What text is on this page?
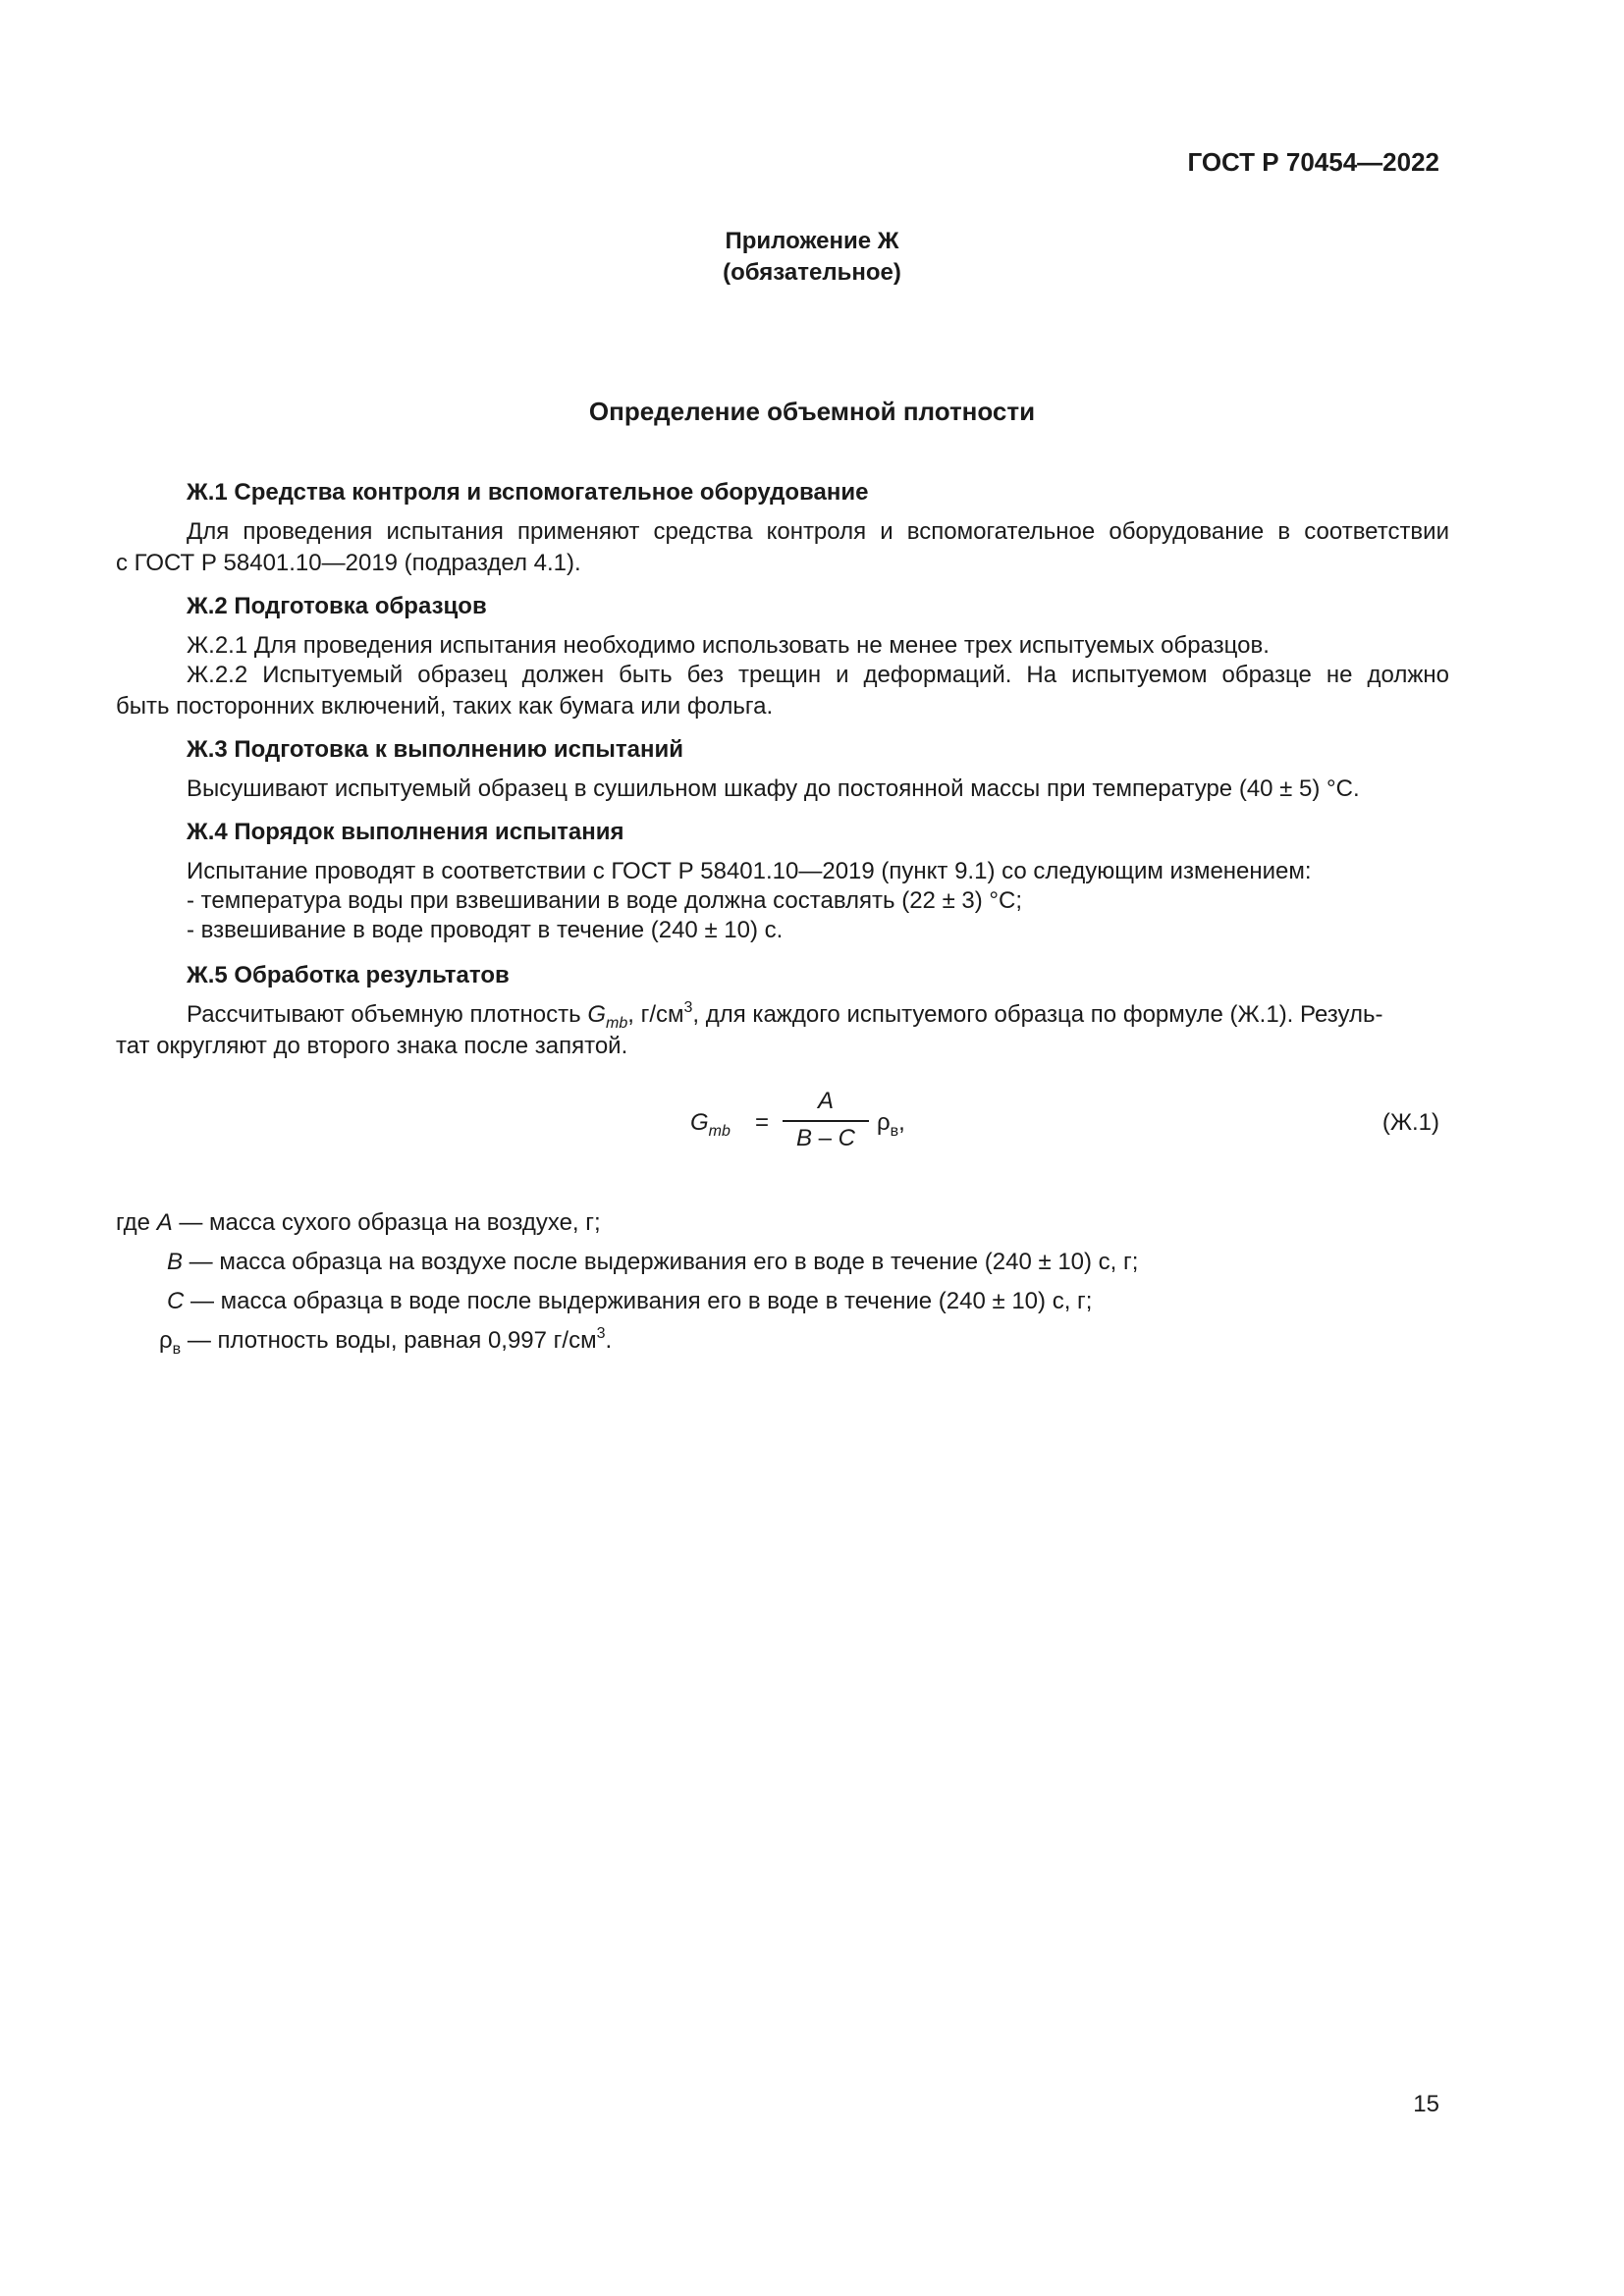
ГОСТ Р 70454—2022
Приложение Ж
(обязательное)
Определение объемной плотности
Ж.1 Средства контроля и вспомогательное оборудование
Для проведения испытания применяют средства контроля и вспомогательное оборудование в соответствии
с ГОСТ Р 58401.10—2019 (подраздел 4.1).
Ж.2 Подготовка образцов
Ж.2.1 Для проведения испытания необходимо использовать не менее трех испытуемых образцов.
Ж.2.2 Испытуемый образец должен быть без трещин и деформаций. На испытуемом образце не должно
быть посторонних включений, таких как бумага или фольга.
Ж.3 Подготовка к выполнению испытаний
Высушивают испытуемый образец в сушильном шкафу до постоянной массы при температуре (40 ± 5) °С.
Ж.4 Порядок выполнения испытания
Испытание проводят в соответствии с ГОСТ Р 58401.10—2019 (пункт 9.1) со следующим изменением:
- температура воды при взвешивании в воде должна составлять (22 ± 3) °С;
- взвешивание в воде проводят в течение (240 ± 10) с.
Ж.5 Обработка результатов
Рассчитывают объемную плотность $G_{mb}$, $г/см^3$, для каждого испытуемого образца по формуле (Ж.1). Резуль-
тат округляют до второго знака после запятой.
$G_{mb}$ =
A
B – C
$\rho_в$,	(Ж.1)
где A — масса сухого образца на воздухе, г;
B — масса образца на воздухе после выдерживания его в воде в течение (240 ± 10) с, г;
C — масса образца в воде после выдерживания его в воде в течение (240 ± 10) с, г;
$\rho_в$ — плотность воды, равная 0,997 $г/см^3$.
15
